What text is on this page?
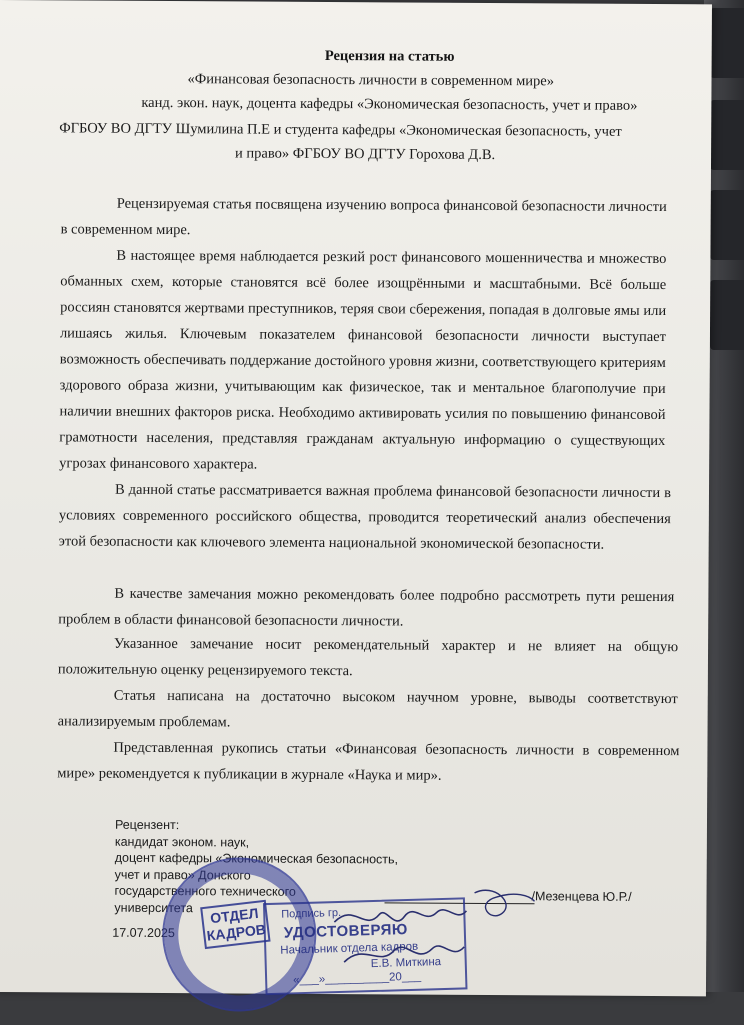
Рецензия на статью
«Финансовая безопасность личности в современном мире»
канд. экон. наук, доцента кафедры «Экономическая безопасность, учет и право»
ФГБОУ ВО ДГТУ Шумилина П.Е и студента кафедры «Экономическая безопасность, учет
и право» ФГБОУ ВО ДГТУ Горохова Д.В.
Рецензируемая статья посвящена изучению вопроса финансовой безопасности личности в современном мире.
В настоящее время наблюдается резкий рост финансового мошенничества и множество обманных схем, которые становятся всё более изощрёнными и масштабными. Всё больше россиян становятся жертвами преступников, теряя свои сбережения, попадая в долговые ямы или лишаясь жилья. Ключевым показателем финансовой безопасности личности выступает возможность обеспечивать поддержание достойного уровня жизни, соответствующего критериям здорового образа жизни, учитывающим как физическое, так и ментальное благополучие при наличии внешних факторов риска. Необходимо активировать усилия по повышению финансовой грамотности населения, представляя гражданам актуальную информацию о существующих угрозах финансового характера.
В данной статье рассматривается важная проблема финансовой безопасности личности в условиях современного российского общества, проводится теоретический анализ обеспечения этой безопасности как ключевого элемента национальной экономической безопасности.
В качестве замечания можно рекомендовать более подробно рассмотреть пути решения проблем в области финансовой безопасности личности.
Указанное замечание носит рекомендательный характер и не влияет на общую положительную оценку рецензируемого текста.
Статья написана на достаточно высоком научном уровне, выводы соответствуют анализируемым проблемам.
Представленная рукопись статьи «Финансовая безопасность личности в современном мире» рекомендуется к публикации в журнале «Наука и мир».
Рецензент:
кандидат эконом. наук,
доцент кафедры «Экономическая безопасность,
учет и право» Донского
государственного технического
университета
/Мезенцева Ю.Р./
17.07.2025
ОТДЕЛ
КАДРОВ
Подпись гр.
УДОСТОВЕРЯЮ
Начальник отдела кадров
Е.В. Миткина
«___»__________20___
